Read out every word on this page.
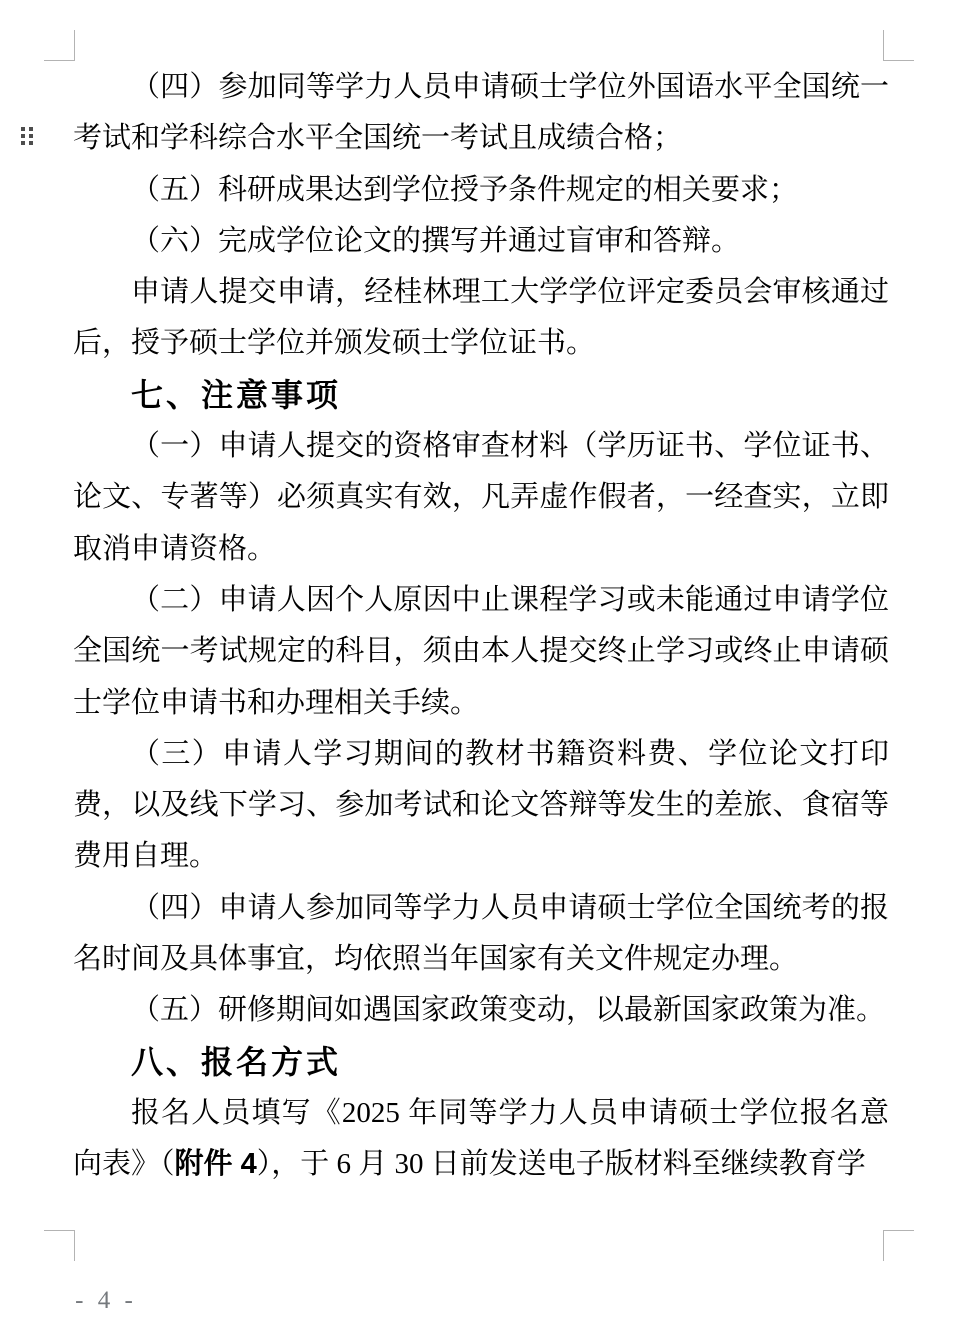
（四）参加同等学力人员申请硕士学位外国语水平全国统一考试和学科综合水平全国统一考试且成绩合格；
（五）科研成果达到学位授予条件规定的相关要求；
（六）完成学位论文的撰写并通过盲审和答辩。
申请人提交申请，经桂林理工大学学位评定委员会审核通过后，授予硕士学位并颁发硕士学位证书。
七、注意事项
（一）申请人提交的资格审查材料（学历证书、学位证书、论文、专著等）必须真实有效，凡弄虚作假者，一经查实，立即取消申请资格。
（二）申请人因个人原因中止课程学习或未能通过申请学位全国统一考试规定的科目，须由本人提交终止学习或终止申请硕士学位申请书和办理相关手续。
（三）申请人学习期间的教材书籍资料费、学位论文打印费，以及线下学习、参加考试和论文答辩等发生的差旅、食宿等费用自理。
（四）申请人参加同等学力人员申请硕士学位全国统考的报名时间及具体事宜，均依照当年国家有关文件规定办理。
（五）研修期间如遇国家政策变动，以最新国家政策为准。
八、报名方式
报名人员填写《2025 年同等学力人员申请硕士学位报名意向表》（附件 4），于 6 月 30 日前发送电子版材料至继续教育学
- 4 -
